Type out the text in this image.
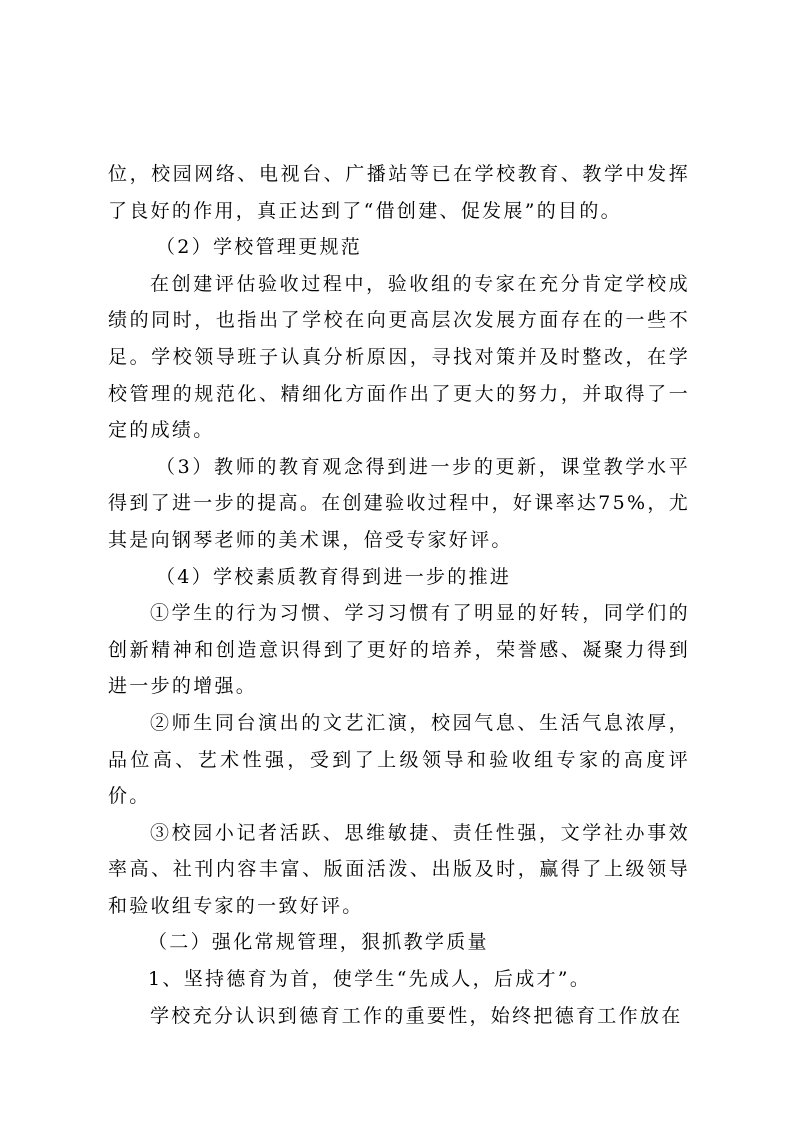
位，校园网络、电视台、广播站等已在学校教育、教学中发挥了良好的作用，真正达到了“借创建、促发展”的目的。

（2）学校管理更规范

在创建评估验收过程中，验收组的专家在充分肯定学校成绩的同时，也指出了学校在向更高层次发展方面存在的一些不足。学校领导班子认真分析原因，寻找对策并及时整改，在学校管理的规范化、精细化方面作出了更大的努力，并取得了一定的成绩。

（3）教师的教育观念得到进一步的更新，课堂教学水平得到了进一步的提高。在创建验收过程中，好课率达75%，尤其是向钢琴老师的美术课，倍受专家好评。

（4）学校素质教育得到进一步的推进

①学生的行为习惯、学习习惯有了明显的好转，同学们的创新精神和创造意识得到了更好的培养，荣誉感、凝聚力得到进一步的增强。

②师生同台演出的文艺汇演，校园气息、生活气息浓厚，品位高、艺术性强，受到了上级领导和验收组专家的高度评价。

③校园小记者活跃、思维敏捷、责任性强，文学社办事效率高、社刊内容丰富、版面活泼、出版及时，赢得了上级领导和验收组专家的一致好评。

（二）强化常规管理，狠抓教学质量

1、坚持德育为首，使学生“先成人，后成才”。

学校充分认识到德育工作的重要性，始终把德育工作放在
